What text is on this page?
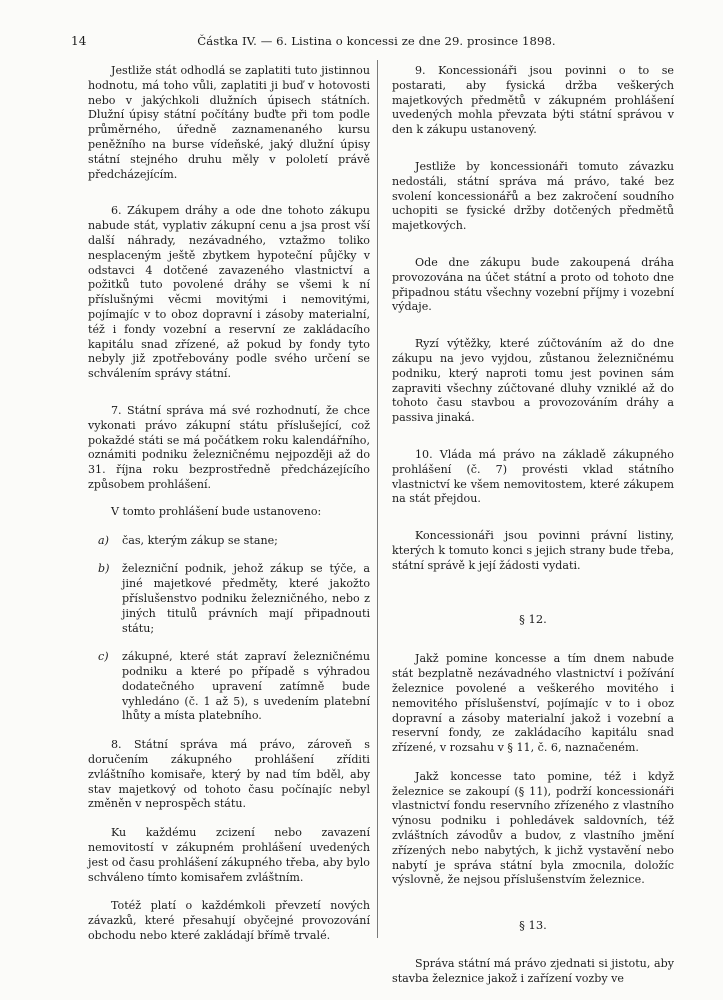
14	Částka IV. — 6. Listina o koncessi ze dne 29. prosince 1898.

Jestliže stát odhodlá se zaplatiti tuto jistinnou hodnotu, má toho vůli, zaplatiti ji buď v hotovosti nebo v jakýchkoli dlužních úpisech státních. Dlužní úpisy státní počítány buďte při tom podle průměrného, úředně zaznamenaného kursu peněžního na burse vídeňské, jaký dlužní úpisy státní stejného druhu měly v pololetí právě předcházejícím.

6. Zákupem dráhy a ode dne tohoto zákupu nabude stát, vyplativ zákupní cenu a jsa prost vší další náhrady, nezávadného, vztažmo toliko nesplaceným ještě zbytkem hypoteční půjčky v odstavci 4 dotčené zavazeného vlastnictví a požitků tuto povolené dráhy se všemi k ní příslušnými věcmi movitými i nemovitými, pojímajíc v to obоz dopravní i zásoby materialní, též i fondy vozební a reservní ze zakládacího kapitálu snad zřízené, až pokud by fondy tyto nebyly již zpotřebovány podle svého určení se schválením správy státní.

7. Státní správa má své rozhodnutí, že chce vykonati právo zákupní státu příslušející, což pokaždé státi se má počátkem roku kalendářního, oznámiti podniku železničnému nejpozději až do 31. října roku bezprostředně předcházejícího způsobem prohlášení.

V tomto prohlášení bude ustanoveno:

a) čas, kterým zákup se stane;
b) železniční podnik, jehož zákup se týče, a jiné majetkové předměty, které jakožto příslušenstvo podniku železničného, nebo z jiných titulů právních mají připadnouti státu;
c) zákupné, které stát zapraví železničnému podniku a které po případě s výhradou dodatečného upravení zatímně bude vyhledáno (č. 1 až 5), s uvedením platební lhůty a místa platebního.

8. Státní správa má právo, zároveň s doručením zákupného prohlášení zříditi zvláštního komisaře, který by nad tím bděl, aby stav majetkový od tohoto času počínajíc nebyl změněn v neprospěch státu.

Ku každému zcizení nebo zavazení nemovitostí v zákupném prohlášení uvedených jest od času prohlášení zákupného třeba, aby bylo schváleno tímto komisařem zvláštním.

Totéž platí o každémkoli převzetí nových závazků, které přesahují obyčejné provozování obchodu nebo které zakládají břímě trvalé.

9. Koncessionáři jsou povinni o to se postarati, aby fysická držba veškerých majetkových předmětů v zákupném prohlášení uvedených mohla převzata býti státní správou v den k zákupu ustanovený.

Jestliže by koncessionáři tomuto závazku nedostáli, státní správa má právo, také bez svolení koncessionářů a bez zakročení soudního uchopiti se fysické držby dotčených předmětů majetkových.

Ode dne zákupu bude zakoupená dráha provozována na účet státní a proto od tohoto dne připadnou státu všechny vozební příjmy i vozební výdaje.

Ryzí výtěžky, které zúčtováním až do dne zákupu na jevo vyjdou, zůstanou železničnému podniku, který naproti tomu jest povinen sám zapraviti všechny zúčtované dluhy vzniklé až do tohoto času stavbou a provozováním dráhy a passiva jinaká.

10. Vláda má právo na základě zákupného prohlášení (č. 7) provésti vklad státního vlastnictví ke všem nemovitostem, které zákupem na stát přejdou.

Koncessionáři jsou povinni právní listiny, kterých k tomuto konci s jejich strany bude třeba, státní správě k její žádosti vydati.

§ 12.

Jakž pomine koncesse a tím dnem nabude stát bezplatně nezávadného vlastnictví i požívání železnice povolené a veškerého movitého i nemovitého příslušenství, pojímajíc v to i obоz dopravní a zásoby materialní jakož i vozební a reservní fondy, ze zakládacího kapitálu snad zřízené, v rozsahu v § 11, č. 6, naznačeném.

Jakž koncesse tato pomine, též i když železnice se zakoupí (§ 11), podrží koncessionáři vlastnictví fondu reservního zřízeného z vlastního výnosu podniku i pohledávek saldovních, též zvláštních závodův a budov, z vlastního jmění zřízených nebo nabytých, k jichž vystavění nebo nabytí je správa státní byla zmocnila, doložíc výslovně, že nejsou příslušenstvím železnice.

§ 13.

Správa státní má právo zjednati si jistotu, aby stavba železnice jakož i zařízení vozby ve
